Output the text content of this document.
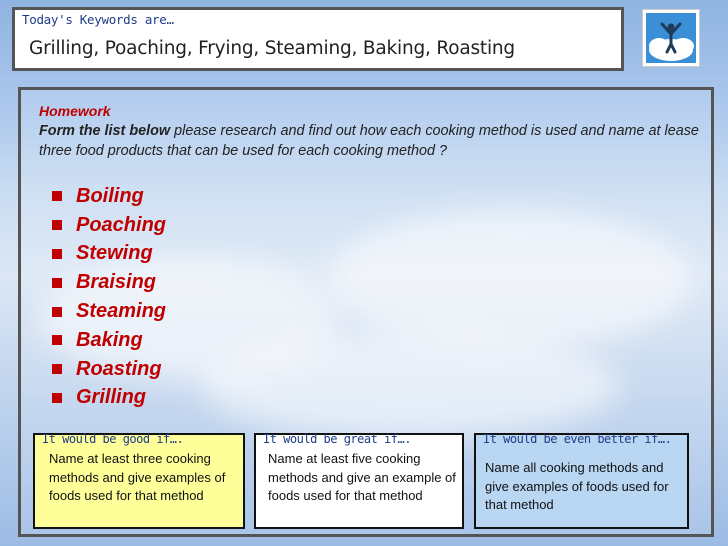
Today's Keywords are…
Grilling, Poaching, Frying, Steaming, Baking, Roasting
Homework
Form the list below please research and find out how each cooking method is used and name at lease three food products that can be used for each cooking method ?
Boiling
Poaching
Stewing
Braising
Steaming
Baking
Roasting
Grilling
It would be good if….
Name at least three cooking methods and give examples of foods used for that method
It would be great if….
Name at least five cooking methods and give an example of foods used for that method
It would be even better if….
Name all cooking methods and give examples of foods used for that method
